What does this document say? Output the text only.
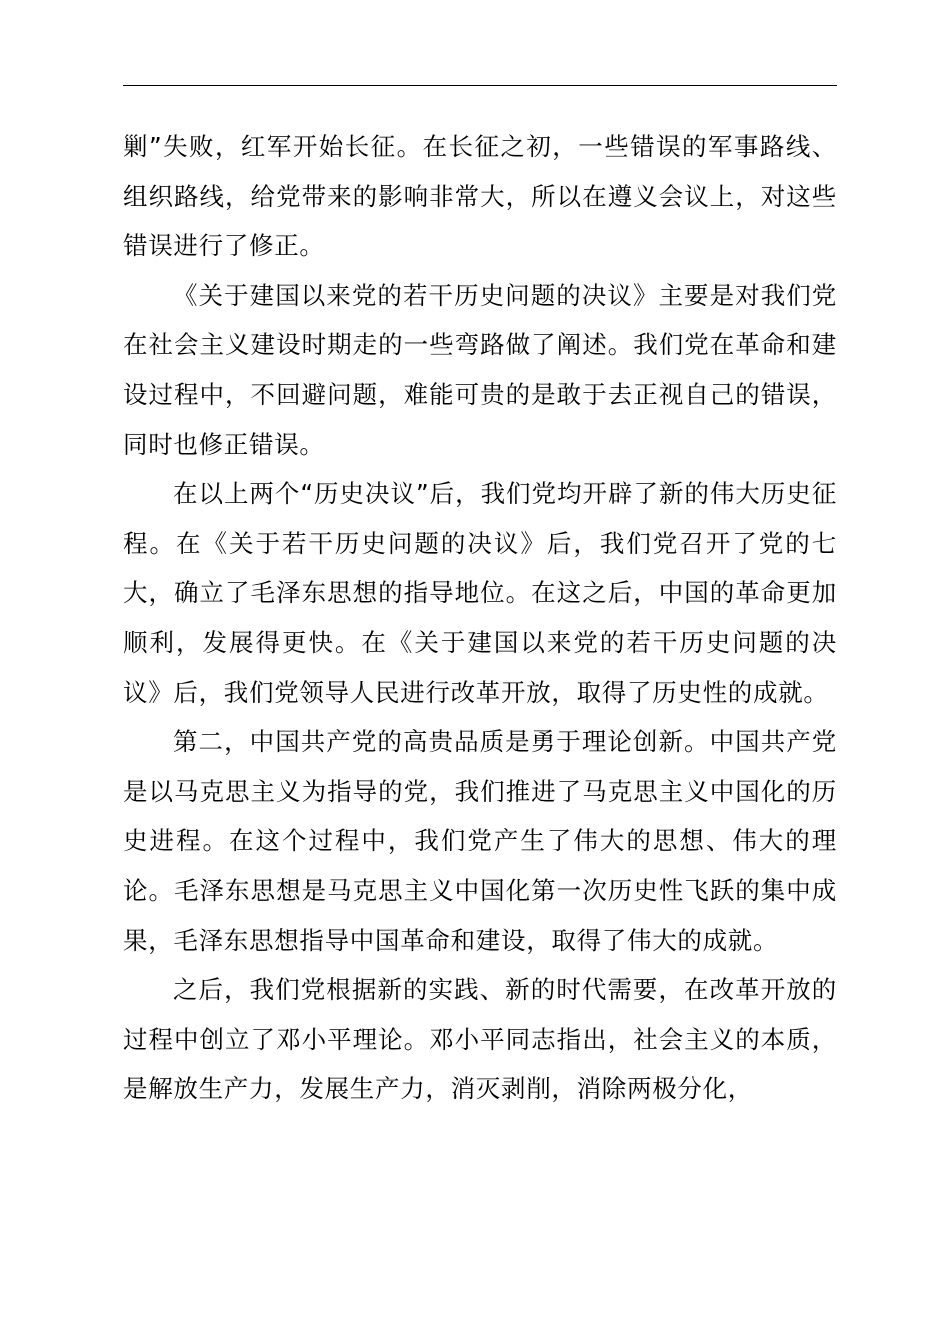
剿”失败，红军开始长征。在长征之初，一些错误的军事路线、组织路线，给党带来的影响非常大，所以在遵义会议上，对这些错误进行了修正。

《关于建国以来党的若干历史问题的决议》主要是对我们党在社会主义建设时期走的一些弯路做了阐述。我们党在革命和建设过程中，不回避问题，难能可贵的是敢于去正视自己的错误，同时也修正错误。

在以上两个“历史决议”后，我们党均开辟了新的伟大历史征程。在《关于若干历史问题的决议》后，我们党召开了党的七大，确立了毛泽东思想的指导地位。在这之后，中国的革命更加顺利，发展得更快。在《关于建国以来党的若干历史问题的决议》后，我们党领导人民进行改革开放，取得了历史性的成就。

第二，中国共产党的高贵品质是勇于理论创新。中国共产党是以马克思主义为指导的党，我们推进了马克思主义中国化的历史进程。在这个过程中，我们党产生了伟大的思想、伟大的理论。毛泽东思想是马克思主义中国化第一次历史性飞跃的集中成果，毛泽东思想指导中国革命和建设，取得了伟大的成就。

之后，我们党根据新的实践、新的时代需要，在改革开放的过程中创立了邓小平理论。邓小平同志指出，社会主义的本质，是解放生产力，发展生产力，消灭剥削，消除两极分化，
